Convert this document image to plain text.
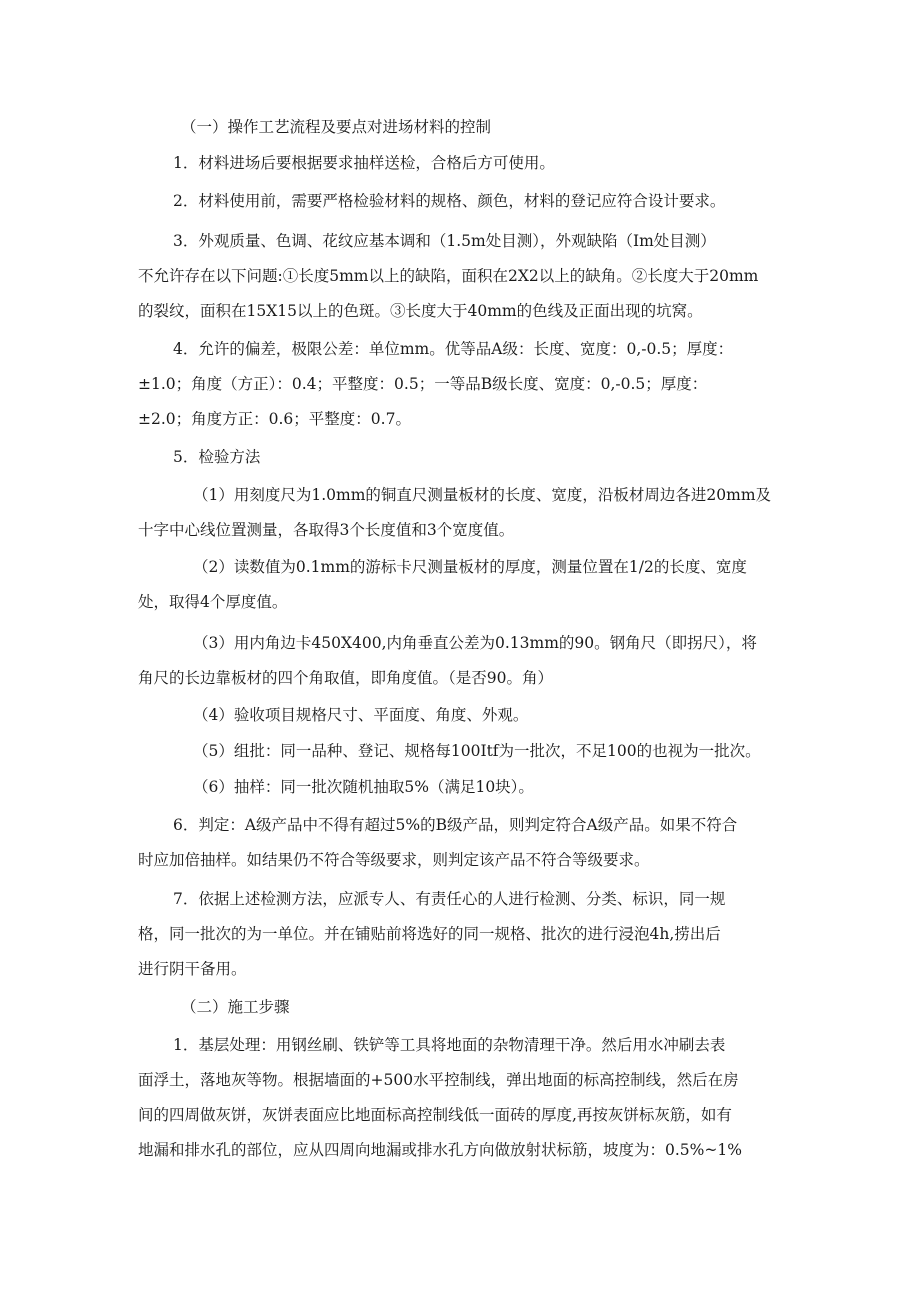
（一）操作工艺流程及要点对进场材料的控制

1．材料进场后要根据要求抽样送检，合格后方可使用。

2．材料使用前，需要严格检验材料的规格、颜色，材料的登记应符合设计要求。

3．外观质量、色调、花纹应基本调和（1.5m处目测），外观缺陷（Im处目测）
不允许存在以下问题:①长度5mm以上的缺陷，面积在2X2以上的缺角。②长度大于20mm
的裂纹，面积在15X15以上的色斑。③长度大于40mm的色线及正面出现的坑窝。

4．允许的偏差，极限公差：单位mm。优等品A级：长度、宽度：0,-0.5；厚度：
±1.0；角度（方正）：0.4；平整度：0.5；一等品B级长度、宽度：0,-0.5；厚度：
±2.0；角度方正：0.6；平整度：0.7。

5．检验方法

（1）用刻度尺为1.0mm的铜直尺测量板材的长度、宽度，沿板材周边各进20mm及
十字中心线位置测量，各取得3个长度值和3个宽度值。

（2）读数值为0.1mm的游标卡尺测量板材的厚度，测量位置在1/2的长度、宽度
处，取得4个厚度值。

（3）用内角边卡450X400,内角垂直公差为0.13mm的90。钢角尺（即拐尺），将
角尺的长边靠板材的四个角取值，即角度值。（是否90。角）

（4）验收项目规格尺寸、平面度、角度、外观。

（5）组批：同一品种、登记、规格每100Itf为一批次，不足100的也视为一批次。

（6）抽样：同一批次随机抽取5%（满足10块）。

6．判定：A级产品中不得有超过5%的B级产品，则判定符合A级产品。如果不符合
时应加倍抽样。如结果仍不符合等级要求，则判定该产品不符合等级要求。

7．依据上述检测方法，应派专人、有责任心的人进行检测、分类、标识，同一规
格，同一批次的为一单位。并在铺贴前将选好的同一规格、批次的进行浸泡4h,捞出后
进行阴干备用。

（二）施工步骤

1．基层处理：用钢丝刷、铁铲等工具将地面的杂物清理干净。然后用水冲刷去表
面浮土，落地灰等物。根据墙面的+500水平控制线，弹出地面的标高控制线，然后在房
间的四周做灰饼，灰饼表面应比地面标高控制线低一面砖的厚度,再按灰饼标灰筋，如有
地漏和排水孔的部位，应从四周向地漏或排水孔方向做放射状标筋，坡度为：0.5%~1%
